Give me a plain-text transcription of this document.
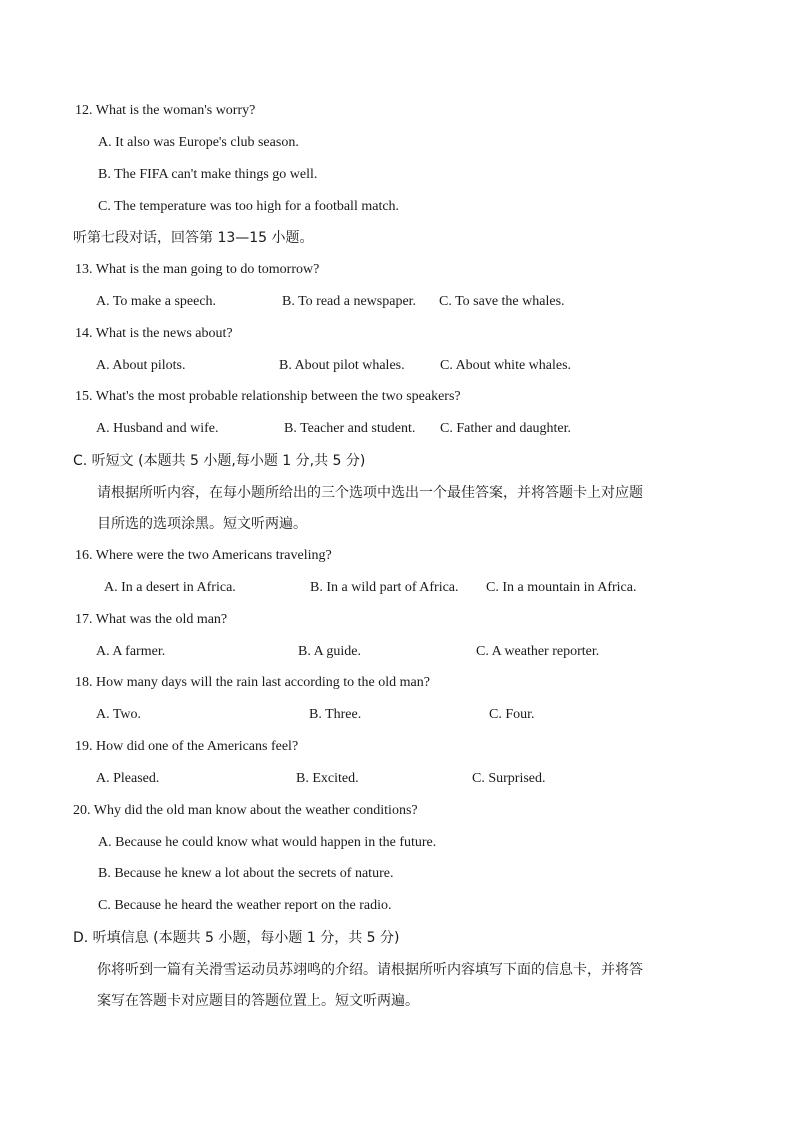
12. What is the woman's worry?
A. It also was Europe's club season.
B. The FIFA can't make things go well.
C. The temperature was too high for a football match.
听第七段对话，回答第 13—15 小题。
13. What is the man going to do tomorrow?
A. To make a speech.	B. To read a newspaper. C. To save the whales.
14. What is the news about?
A. About pilots.	B. About pilot whales.	C. About white whales.
15. What's the most probable relationship between the two speakers?
A. Husband and wife.	B. Teacher and student. C. Father and daughter.
C. 听短文 (本题共 5 小题,每小题 1 分,共 5 分)
请根据所听内容，在每小题所给出的三个选项中选出一个最佳答案，并将答题卡上对应题
目所选的选项涂黑。短文听两遍。
16. Where were the two Americans traveling?
A. In a desert in Africa.	B. In a wild part of Africa. C. In a mountain in Africa.
17. What was the old man?
A. A farmer.	B. A guide.	C. A weather reporter.
18. How many days will the rain last according to the old man?
A. Two.	B. Three.	C. Four.
19. How did one of the Americans feel?
A. Pleased.	B. Excited.	C. Surprised.
20. Why did the old man know about the weather conditions?
A. Because he could know what would happen in the future.
B. Because he knew a lot about the secrets of nature.
C. Because he heard the weather report on the radio.
D. 听填信息 (本题共 5 小题，每小题 1 分，共 5 分)
你将听到一篇有关滑雪运动员苏翊鸣的介绍。请根据所听内容填写下面的信息卡，并将答
案写在答题卡对应题目的答题位置上。短文听两遍。
